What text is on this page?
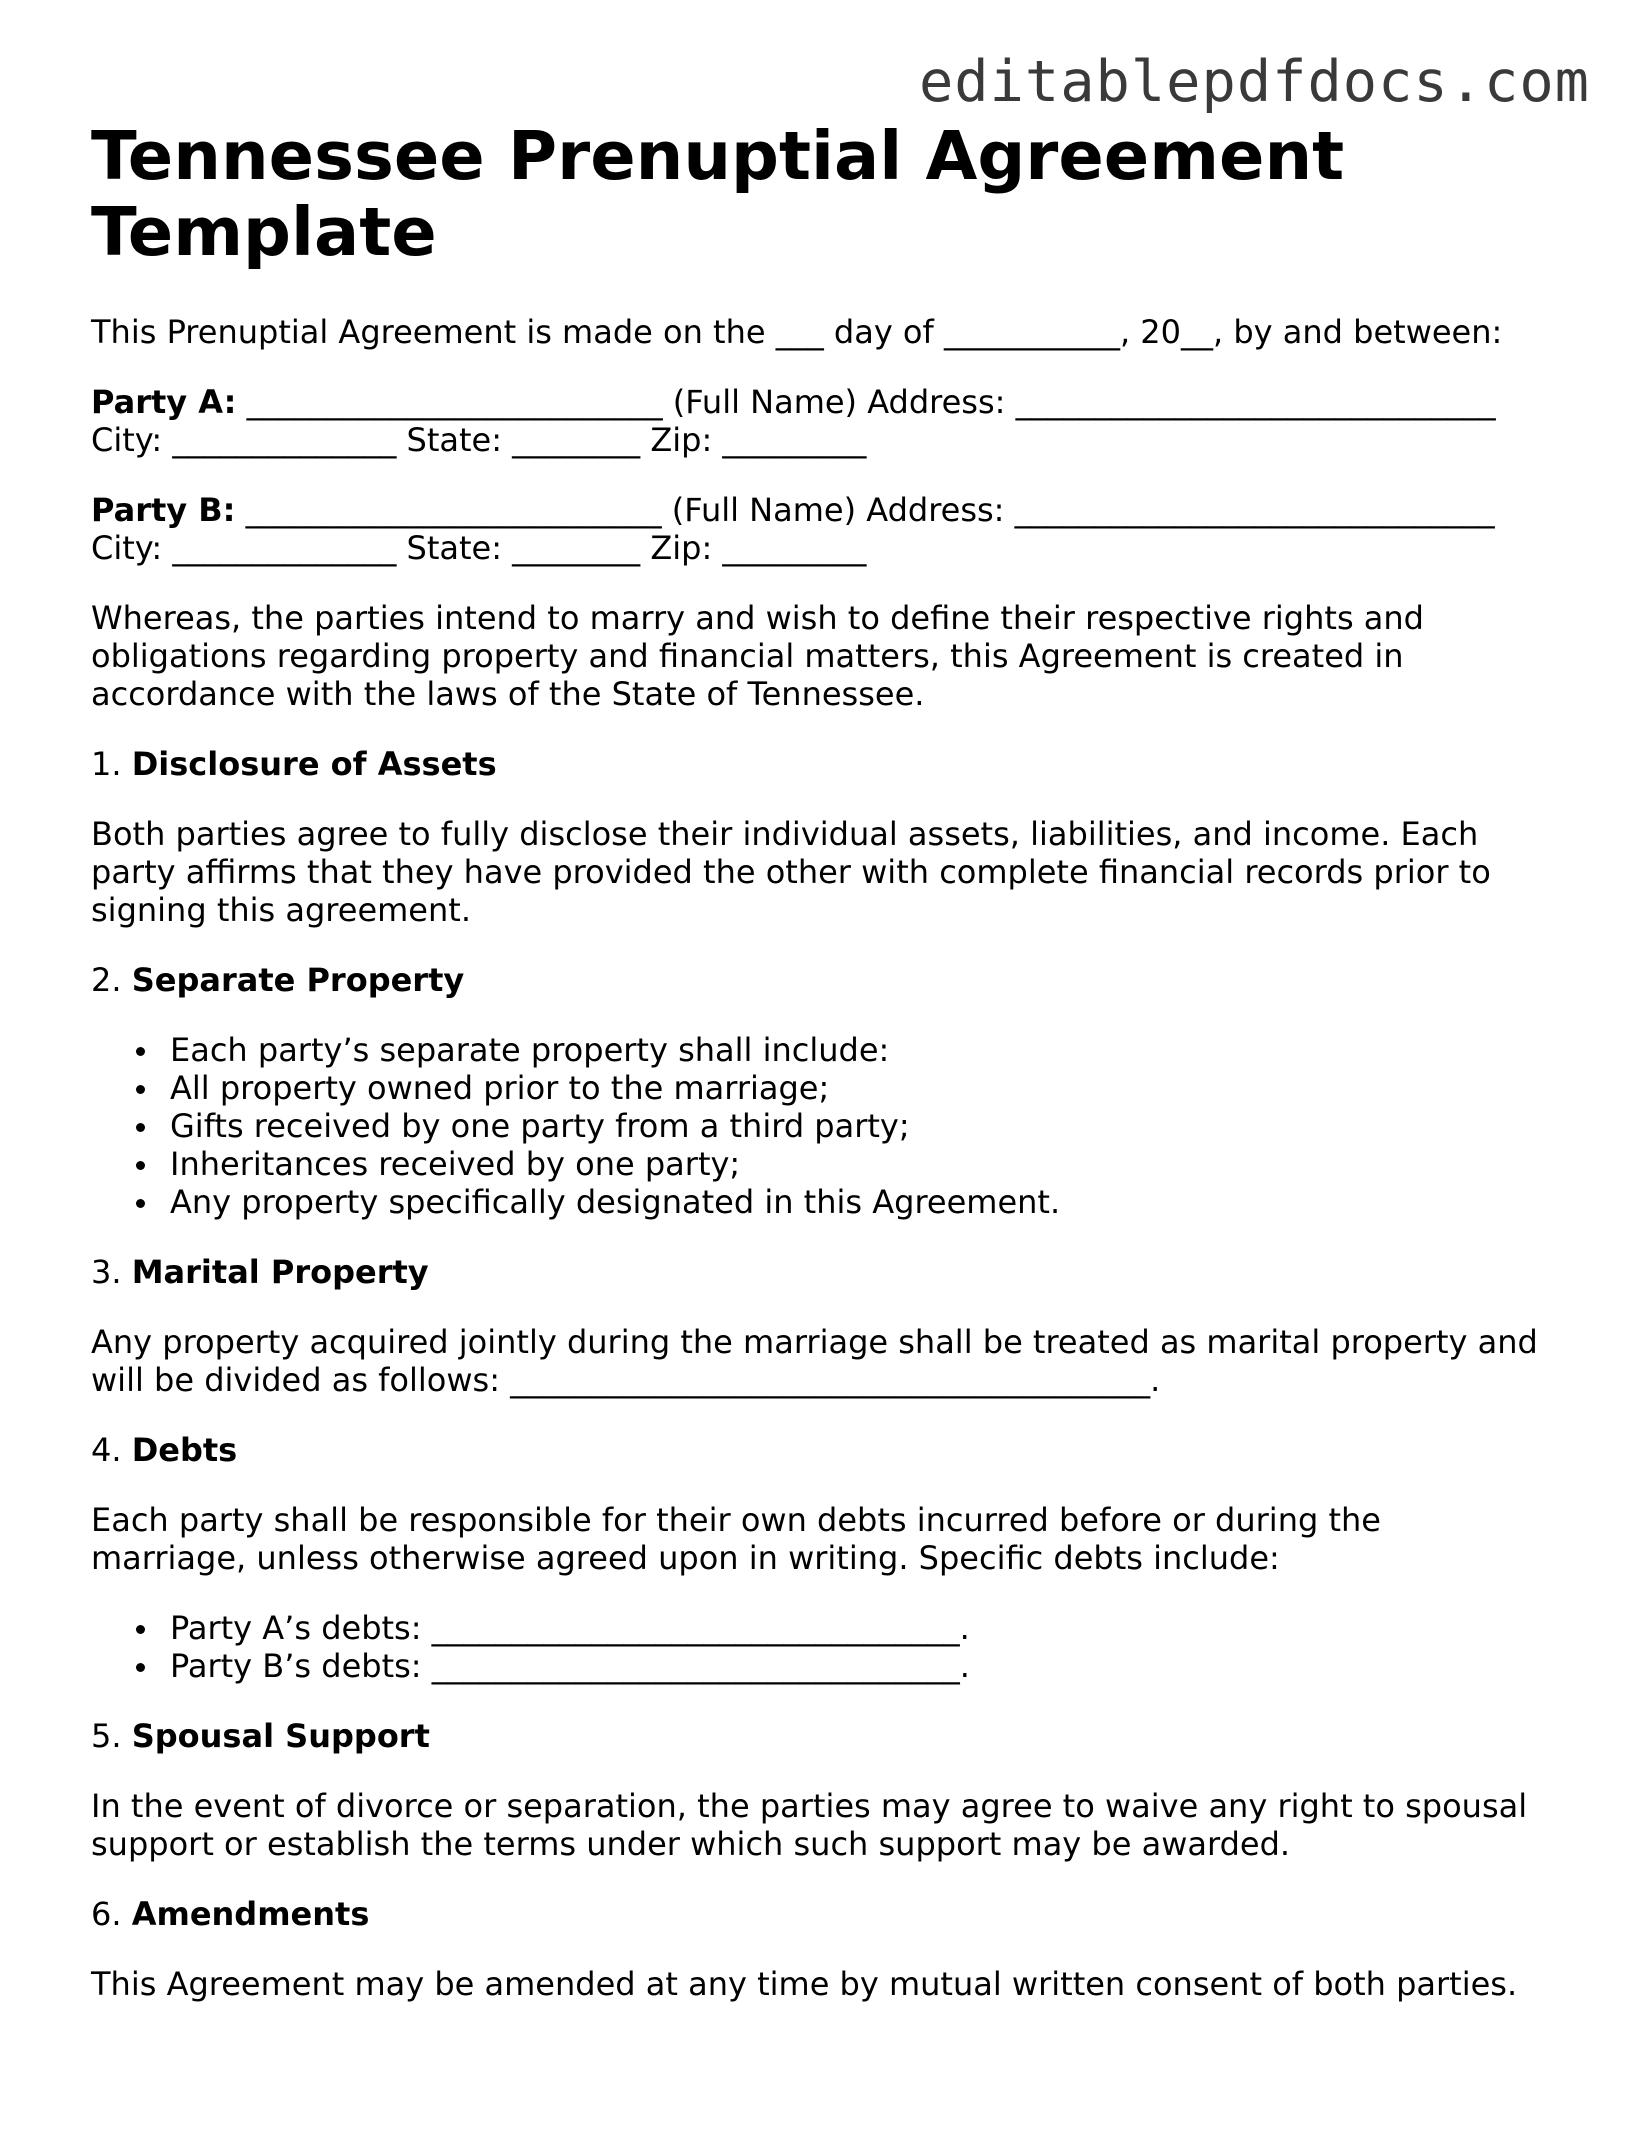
editablepdfdocs.com
Tennessee Prenuptial Agreement Template

This Prenuptial Agreement is made on the ___ day of ___________, 20__, by and between:

Party A: __________________________ (Full Name) Address: ______________________________
City: ______________ State: ________ Zip: _________

Party B: __________________________ (Full Name) Address: ______________________________
City: ______________ State: ________ Zip: _________

Whereas, the parties intend to marry and wish to define their respective rights and
obligations regarding property and financial matters, this Agreement is created in
accordance with the laws of the State of Tennessee.

1. Disclosure of Assets

Both parties agree to fully disclose their individual assets, liabilities, and income. Each
party affirms that they have provided the other with complete financial records prior to
signing this agreement.

2. Separate Property

Each party’s separate property shall include:
All property owned prior to the marriage;
Gifts received by one party from a third party;
Inheritances received by one party;
Any property specifically designated in this Agreement.

3. Marital Property

Any property acquired jointly during the marriage shall be treated as marital property and
will be divided as follows: ________________________________________.

4. Debts

Each party shall be responsible for their own debts incurred before or during the
marriage, unless otherwise agreed upon in writing. Specific debts include:

Party A’s debts: _________________________________.
Party B’s debts: _________________________________.

5. Spousal Support

In the event of divorce or separation, the parties may agree to waive any right to spousal
support or establish the terms under which such support may be awarded.

6. Amendments

This Agreement may be amended at any time by mutual written consent of both parties.
